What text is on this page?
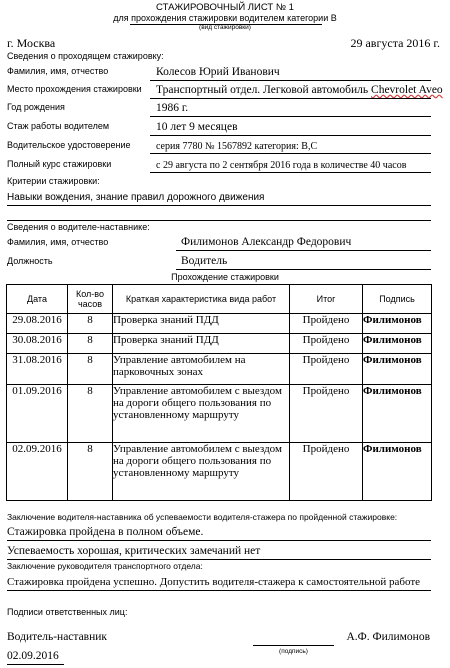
СТАЖИРОВОЧНЫЙ ЛИСТ № 1
для прохождения стажировки водителем категории В
(вид стажировки)
г. Москва	29 августа 2016 г.
Сведения о проходящем стажировку:
Фамилия, имя, отчество	Колесов Юрий Иванович
Место прохождения стажировки Транспортный отдел. Легковой автомобиль Chevrolet Aveo
Год рождения	1986 г.
Стаж работы водителем	10 лет 9 месяцев
Водительское удостоверение	серия 7780 № 1567892 категория: В,С
Полный курс стажировки	с 29 августа по 2 сентября 2016 года в количестве 40 часов
Критерии стажировки:
Навыки вождения, знание правил дорожного движения
Сведения о водителе-наставнике:
Фамилия, имя, отчество	Филимонов Александр Федорович
Должность	Водитель
Прохождение стажировки
Дата	Кол-во часов	Краткая характеристика вида работ	Итог	Подпись
29.08.2016	8	Проверка знаний ПДД	Пройдено	Филимонов
30.08.2016	8	Проверка знаний ПДД	Пройдено	Филимонов
31.08.2016	8	Управление автомобилем на парковочных зонах	Пройдено	Филимонов
01.09.2016	8	Управление автомобилем с выездом на дороги общего пользования по установленному маршруту	Пройдено	Филимонов
02.09.2016	8	Управление автомобилем с выездом на дороги общего пользования по установленному маршруту	Пройдено	Филимонов
Заключение водителя-наставника об успеваемости водителя-стажера по пройденной стажировке:
Стажировка пройдена в полном объеме.
Успеваемость хорошая, критических замечаний нет
Заключение руководителя транспортного отдела:
Стажировка пройдена успешно. Допустить водителя-стажера к самостоятельной работе
Подписи ответственных лиц:
Водитель-наставник	А.Ф. Филимонов
(подпись)
02.09.2016
